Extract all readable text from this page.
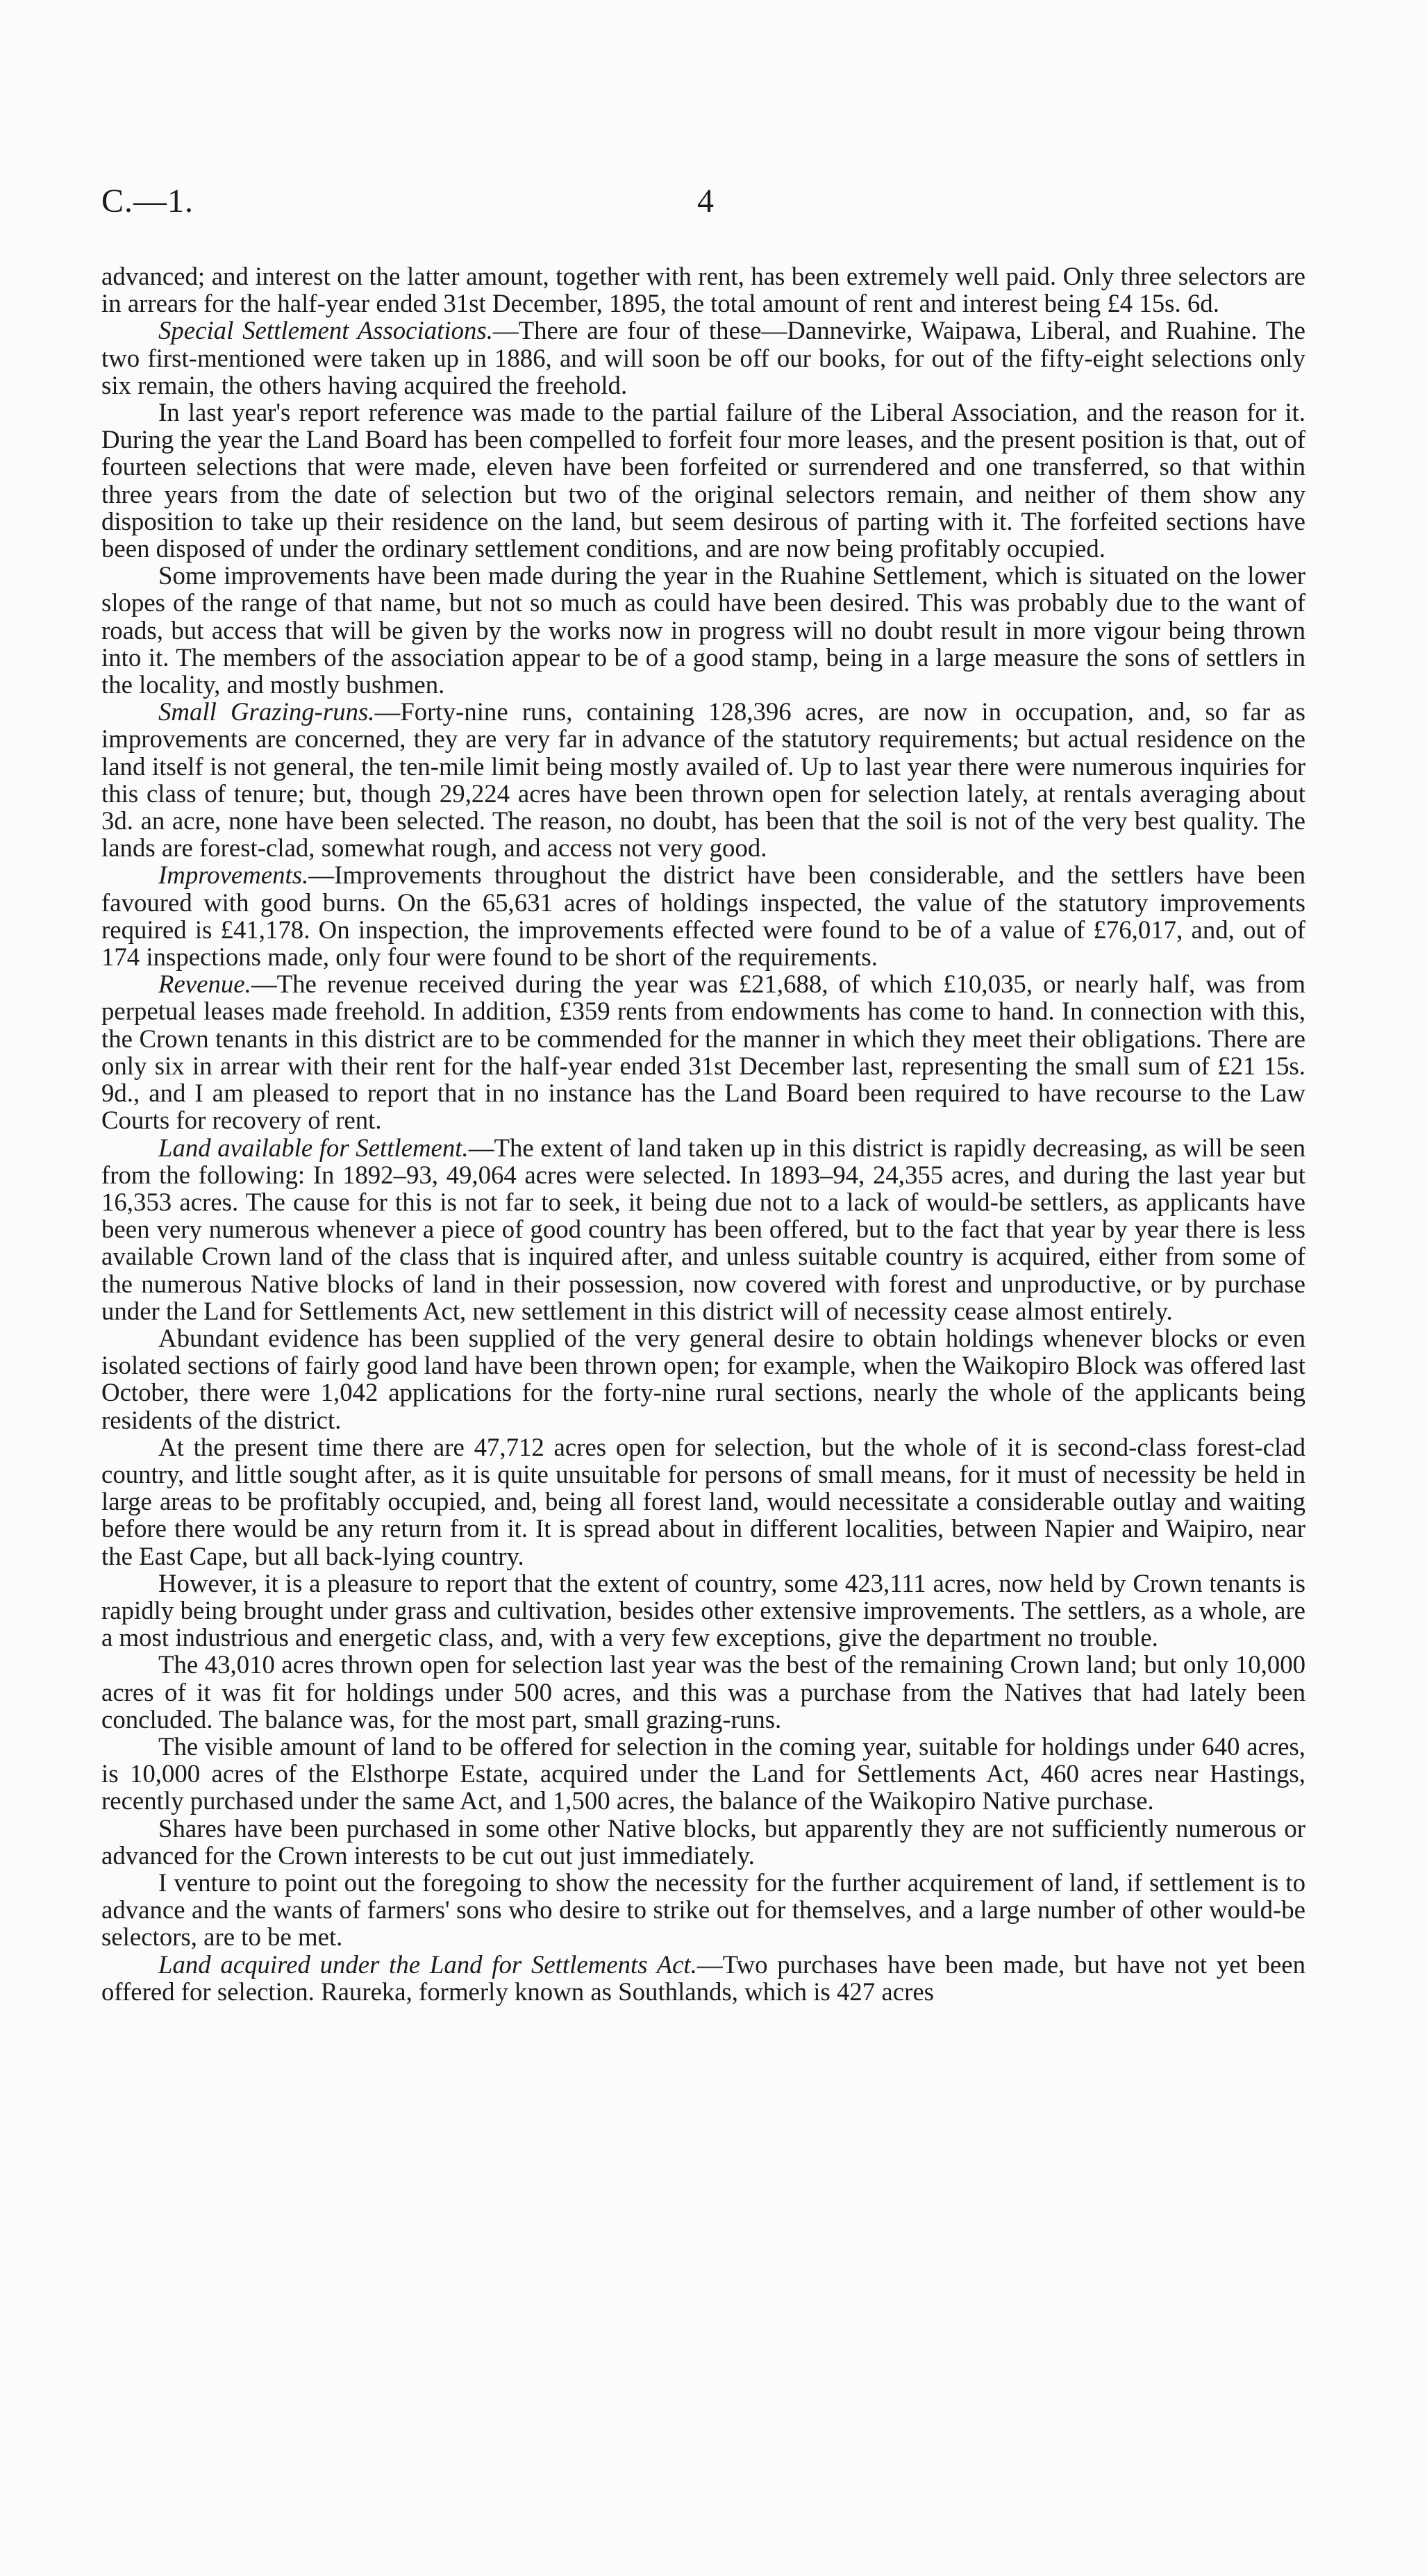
C.—1.	4

advanced; and interest on the latter amount, together with rent, has been extremely well paid. Only three selectors are in arrears for the half-year ended 31st December, 1895, the total amount of rent and interest being £4 15s. 6d.

Special Settlement Associations.—There are four of these—Dannevirke, Waipawa, Liberal, and Ruahine. The two first-mentioned were taken up in 1886, and will soon be off our books, for out of the fifty-eight selections only six remain, the others having acquired the freehold.

In last year's report reference was made to the partial failure of the Liberal Association, and the reason for it. During the year the Land Board has been compelled to forfeit four more leases, and the present position is that, out of fourteen selections that were made, eleven have been forfeited or surrendered and one transferred, so that within three years from the date of selection but two of the original selectors remain, and neither of them show any disposition to take up their residence on the land, but seem desirous of parting with it. The forfeited sections have been disposed of under the ordinary settlement conditions, and are now being profitably occupied.

Some improvements have been made during the year in the Ruahine Settlement, which is situated on the lower slopes of the range of that name, but not so much as could have been desired. This was probably due to the want of roads, but access that will be given by the works now in progress will no doubt result in more vigour being thrown into it. The members of the association appear to be of a good stamp, being in a large measure the sons of settlers in the locality, and mostly bushmen.

Small Grazing-runs.—Forty-nine runs, containing 128,396 acres, are now in occupation, and, so far as improvements are concerned, they are very far in advance of the statutory requirements; but actual residence on the land itself is not general, the ten-mile limit being mostly availed of. Up to last year there were numerous inquiries for this class of tenure; but, though 29,224 acres have been thrown open for selection lately, at rentals averaging about 3d. an acre, none have been selected. The reason, no doubt, has been that the soil is not of the very best quality. The lands are forest-clad, somewhat rough, and access not very good.

Improvements.—Improvements throughout the district have been considerable, and the settlers have been favoured with good burns. On the 65,631 acres of holdings inspected, the value of the statutory improvements required is £41,178. On inspection, the improvements effected were found to be of a value of £76,017, and, out of 174 inspections made, only four were found to be short of the requirements.

Revenue.—The revenue received during the year was £21,688, of which £10,035, or nearly half, was from perpetual leases made freehold. In addition, £359 rents from endowments has come to hand. In connection with this, the Crown tenants in this district are to be commended for the manner in which they meet their obligations. There are only six in arrear with their rent for the half-year ended 31st December last, representing the small sum of £21 15s. 9d., and I am pleased to report that in no instance has the Land Board been required to have recourse to the Law Courts for recovery of rent.

Land available for Settlement.—The extent of land taken up in this district is rapidly decreasing, as will be seen from the following: In 1892–93, 49,064 acres were selected. In 1893–94, 24,355 acres, and during the last year but 16,353 acres. The cause for this is not far to seek, it being due not to a lack of would-be settlers, as applicants have been very numerous whenever a piece of good country has been offered, but to the fact that year by year there is less available Crown land of the class that is inquired after, and unless suitable country is acquired, either from some of the numerous Native blocks of land in their possession, now covered with forest and unproductive, or by purchase under the Land for Settlements Act, new settlement in this district will of necessity cease almost entirely.

Abundant evidence has been supplied of the very general desire to obtain holdings whenever blocks or even isolated sections of fairly good land have been thrown open; for example, when the Waikopiro Block was offered last October, there were 1,042 applications for the forty-nine rural sections, nearly the whole of the applicants being residents of the district.

At the present time there are 47,712 acres open for selection, but the whole of it is second-class forest-clad country, and little sought after, as it is quite unsuitable for persons of small means, for it must of necessity be held in large areas to be profitably occupied, and, being all forest land, would necessitate a considerable outlay and waiting before there would be any return from it. It is spread about in different localities, between Napier and Waipiro, near the East Cape, but all back-lying country.

However, it is a pleasure to report that the extent of country, some 423,111 acres, now held by Crown tenants is rapidly being brought under grass and cultivation, besides other extensive improvements. The settlers, as a whole, are a most industrious and energetic class, and, with a very few exceptions, give the department no trouble.

The 43,010 acres thrown open for selection last year was the best of the remaining Crown land; but only 10,000 acres of it was fit for holdings under 500 acres, and this was a purchase from the Natives that had lately been concluded. The balance was, for the most part, small grazing-runs.

The visible amount of land to be offered for selection in the coming year, suitable for holdings under 640 acres, is 10,000 acres of the Elsthorpe Estate, acquired under the Land for Settlements Act, 460 acres near Hastings, recently purchased under the same Act, and 1,500 acres, the balance of the Waikopiro Native purchase.

Shares have been purchased in some other Native blocks, but apparently they are not sufficiently numerous or advanced for the Crown interests to be cut out just immediately.

I venture to point out the foregoing to show the necessity for the further acquirement of land, if settlement is to advance and the wants of farmers' sons who desire to strike out for themselves, and a large number of other would-be selectors, are to be met.

Land acquired under the Land for Settlements Act.—Two purchases have been made, but have not yet been offered for selection. Raureka, formerly known as Southlands, which is 427 acres
